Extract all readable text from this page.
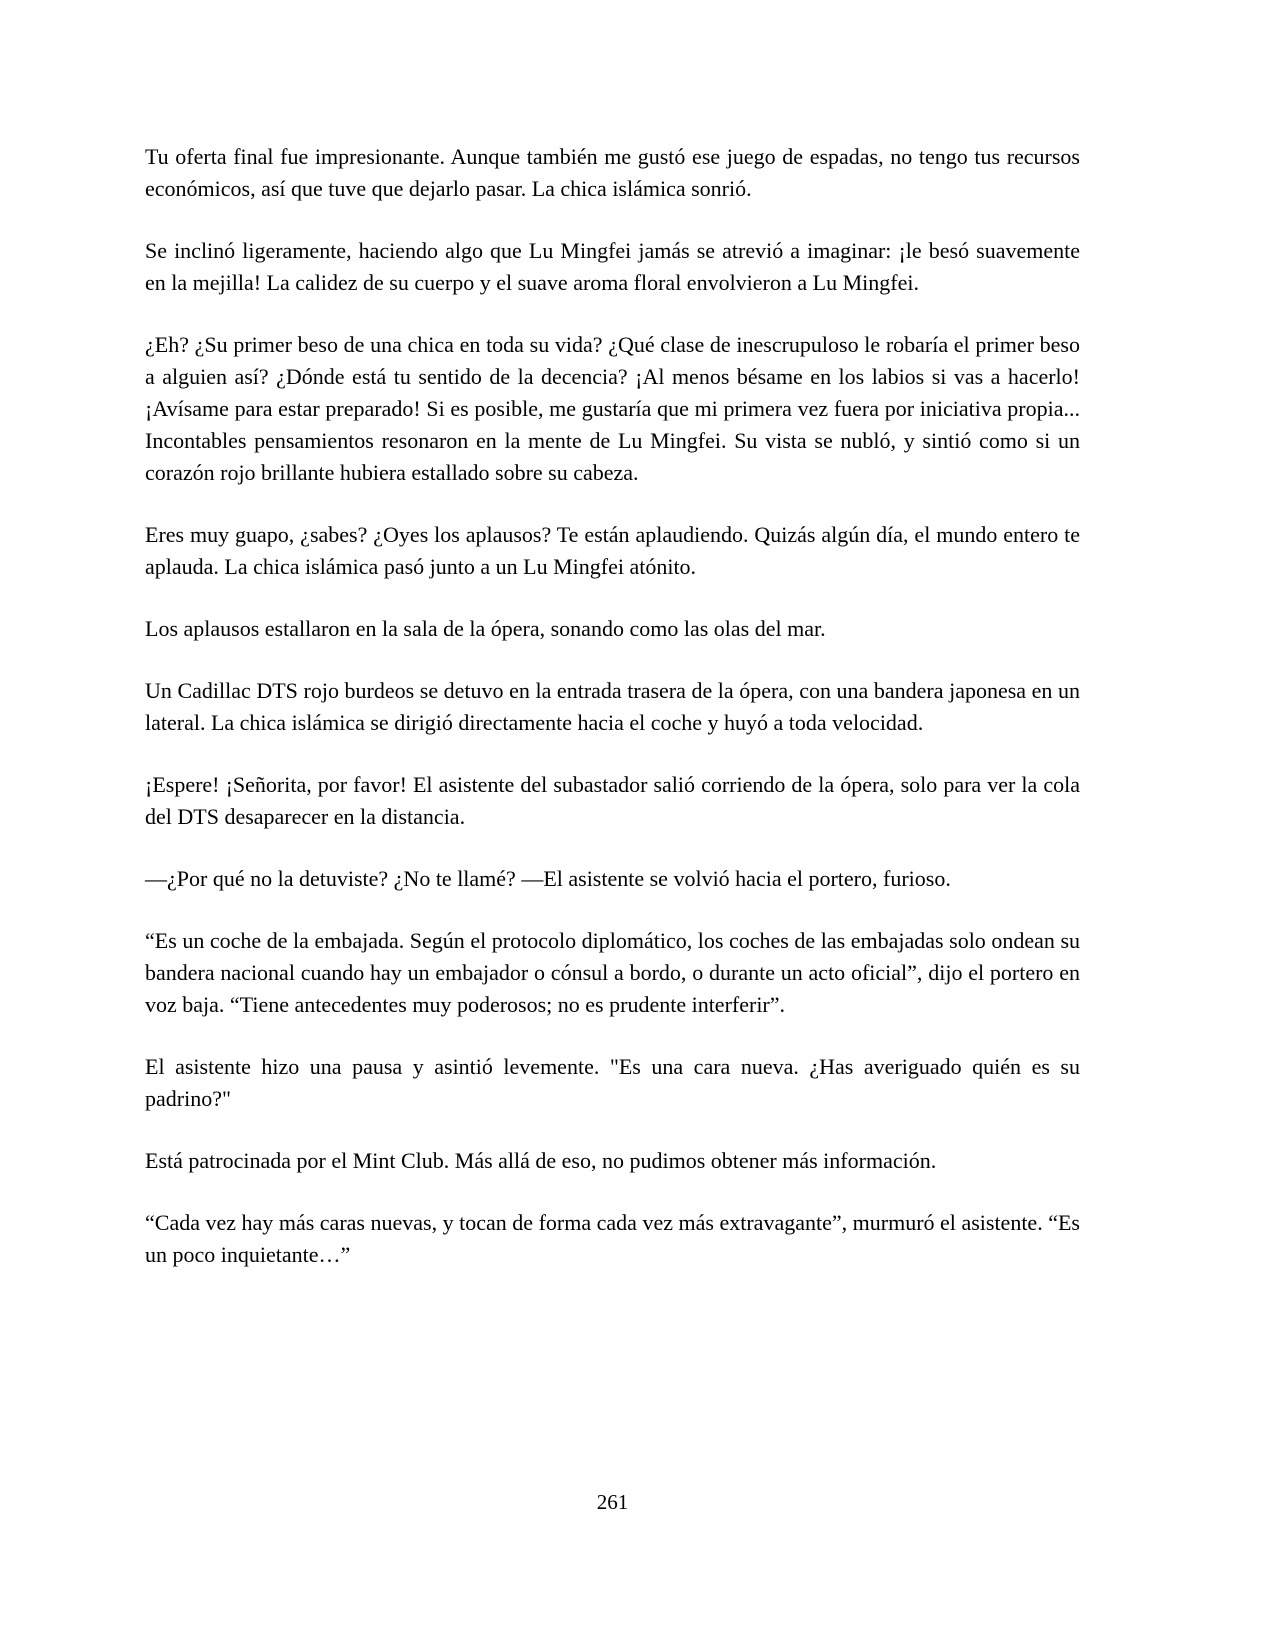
Tu oferta final fue impresionante. Aunque también me gustó ese juego de espadas, no tengo tus recursos económicos, así que tuve que dejarlo pasar. La chica islámica sonrió.

Se inclinó ligeramente, haciendo algo que Lu Mingfei jamás se atrevió a imaginar: ¡le besó suavemente en la mejilla! La calidez de su cuerpo y el suave aroma floral envolvieron a Lu Mingfei.

¿Eh? ¿Su primer beso de una chica en toda su vida? ¿Qué clase de inescrupuloso le robaría el primer beso a alguien así? ¿Dónde está tu sentido de la decencia? ¡Al menos bésame en los labios si vas a hacerlo! ¡Avísame para estar preparado! Si es posible, me gustaría que mi primera vez fuera por iniciativa propia... Incontables pensamientos resonaron en la mente de Lu Mingfei. Su vista se nubló, y sintió como si un corazón rojo brillante hubiera estallado sobre su cabeza.

Eres muy guapo, ¿sabes? ¿Oyes los aplausos? Te están aplaudiendo. Quizás algún día, el mundo entero te aplauda. La chica islámica pasó junto a un Lu Mingfei atónito.

Los aplausos estallaron en la sala de la ópera, sonando como las olas del mar.

Un Cadillac DTS rojo burdeos se detuvo en la entrada trasera de la ópera, con una bandera japonesa en un lateral. La chica islámica se dirigió directamente hacia el coche y huyó a toda velocidad.

¡Espere! ¡Señorita, por favor! El asistente del subastador salió corriendo de la ópera, solo para ver la cola del DTS desaparecer en la distancia.

—¿Por qué no la detuviste? ¿No te llamé? —El asistente se volvió hacia el portero, furioso.

“Es un coche de la embajada. Según el protocolo diplomático, los coches de las embajadas solo ondean su bandera nacional cuando hay un embajador o cónsul a bordo, o durante un acto oficial”, dijo el portero en voz baja. “Tiene antecedentes muy poderosos; no es prudente interferir”.

El asistente hizo una pausa y asintió levemente. "Es una cara nueva. ¿Has averiguado quién es su padrino?"

Está patrocinada por el Mint Club. Más allá de eso, no pudimos obtener más información.

“Cada vez hay más caras nuevas, y tocan de forma cada vez más extravagante”, murmuró el asistente. “Es un poco inquietante…”

261
